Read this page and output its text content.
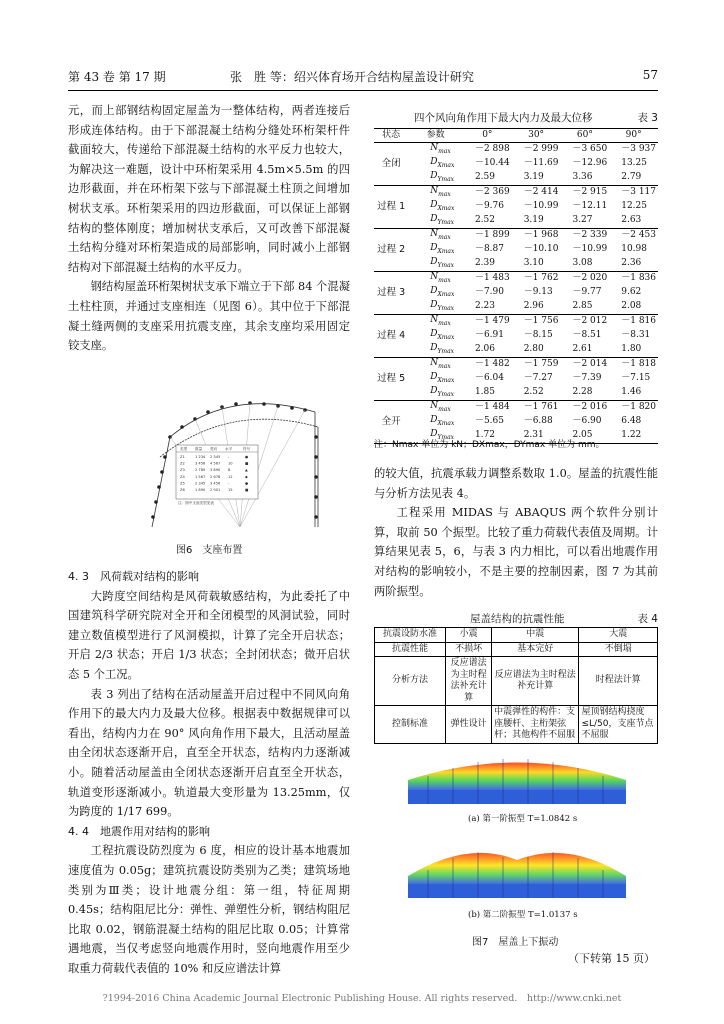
第 43 卷 第 17 期	张　胜 等：绍兴体育场开合结构屋盖设计研究	57

元，而上部钢结构固定屋盖为一整体结构，两者连接后形成连体结构。由于下部混凝土结构分缝处环桁架杆件截面较大，传递给下部混凝土结构的水平反力也较大，为解决这一难题，设计中环桁架采用 4.5m×5.5m 的四边形截面，并在环桁架下弦与下部混凝土柱顶之间增加树状支承。环桁架采用的四边形截面，可以保证上部钢结构的整体刚度；增加树状支承后，又可改善下部混凝土结构分缝对环桁架造成的局部影响，同时减小上部钢结构对下部混凝土结构的水平反力。

钢结构屋盖环桁架树状支承下端立于下部 84 个混凝土柱柱顶，并通过支座相连（见图 6）。其中位于下部混凝土缝两侧的支座采用抗震支座，其余支座均采用固定铰支座。

类型 数量 竖向 水平	符号
Z1	1 234 2 345 -	●
Z2	3 456 4 567 10	■
Z3	2 789 3 890 8	▲
Z4	1 567 2 678 12	◆
Z5	2 345 3 456 -	●
Z6	1 890 2 901 15	■
注：图中支座类型见表
图6　支座布置

4. 3　风荷载对结构的影响

大跨度空间结构是风荷载敏感结构，为此委托了中国建筑科学研究院对全开和全闭模型的风洞试验，同时建立数值模型进行了风洞模拟，计算了完全开启状态；开启 2/3 状态；开启 1/3 状态；全封闭状态；微开启状态 5 个工况。

表 3 列出了结构在活动屋盖开启过程中不同风向角作用下的最大内力及最大位移。根据表中数据规律可以看出，结构内力在 90° 风向角作用下最大，且活动屋盖由全闭状态逐渐开启，直至全开状态，结构内力逐渐减小。随着活动屋盖由全闭状态逐渐开启直至全开状态，轨道变形逐渐减小。轨道最大变形量为 13.25mm，仅为跨度的 1/17 699。

4. 4　地震作用对结构的影响

工程抗震设防烈度为 6 度，相应的设计基本地震加速度值为 0.05g；建筑抗震设防类别为乙类；建筑场地类别为Ⅲ类；设计地震分组：第一组，特征周期 0.45s；结构阻尼比分：弹性、弹塑性分析，钢结构阻尼比取 0.02，钢筋混凝土结构的阻尼比取 0.05；计算常遇地震，当仅考虑竖向地震作用时，竖向地震作用至少取重力荷载代表值的 10% 和反应谱法计算

四个风向角作用下最大内力及最大位移	表 3
状态	参数	0°	30°	60°	90°
全闭	$N_{max}$	－2 898	－2 999	－3 650	－3 937
	$D_{Xmax}$	－10.44	－11.69	－12.96	13.25
	$D_{Ymax}$	2.59	3.19	3.36	2.79
过程 1	$N_{max}$	－2 369	－2 414	－2 915	－3 117
	$D_{Xmax}$	－9.76	－10.99	－12.11	12.25
	$D_{Ymax}$	2.52	3.19	3.27	2.63
过程 2	$N_{max}$	－1 899	－1 968	－2 339	－2 453
	$D_{Xmax}$	－8.87	－10.10	－10.99	10.98
	$D_{Ymax}$	2.39	3.10	3.08	2.36
过程 3	$N_{max}$	－1 483	－1 762	－2 020	－1 836
	$D_{Xmax}$	－7.90	－9.13	－9.77	9.62
	$D_{Ymax}$	2.23	2.96	2.85	2.08
过程 4	$N_{max}$	－1 479	－1 756	－2 012	－1 816
	$D_{Xmax}$	－6.91	－8.15	－8.51	－8.31
	$D_{Ymax}$	2.06	2.80	2.61	1.80
过程 5	$N_{max}$	－1 482	－1 759	－2 014	－1 818
	$D_{Xmax}$	－6.04	－7.27	－7.39	－7.15
	$D_{Ymax}$	1.85	2.52	2.28	1.46
全开	$N_{max}$	－1 484	－1 761	－2 016	－1 820
	$D_{Xmax}$	－5.65	－6.88	－6.90	6.48
	$D_{Ymax}$	1.72	2.31	2.05	1.22
注：Nmax 单位为 kN；DXmax，DYmax 单位为 mm。

的较大值，抗震承载力调整系数取 1.0。屋盖的抗震性能与分析方法见表 4。

工程采用 MIDAS 与 ABAQUS 两个软件分别计算，取前 50 个振型。比较了重力荷载代表值及周期。计算结果见表 5，6，与表 3 内力相比，可以看出地震作用对结构的影响较小，不是主要的控制因素，图 7 为其前两阶振型。

屋盖结构的抗震性能	表 4
抗震设防水准	小震	中震	大震
抗震性能	不损坏	基本完好	不倒塌
分析方法	反应谱法为主时程法补充计算	反应谱法为主时程法补充计算	时程法计算
控制标准	弹性设计	中震弹性的构件：支座腰杆、主桁架弦杆；其他构件不屈服	屋顶钢结构挠度≤L/50，支座节点不屈服
(a) 第一阶振型 T=1.0842 s
(b) 第二阶振型 T=1.0137 s
图7　屋盖上下振动
（下转第 15 页）
?1994-2016 China Academic Journal Electronic Publishing House. All rights reserved.　http://www.cnki.net
